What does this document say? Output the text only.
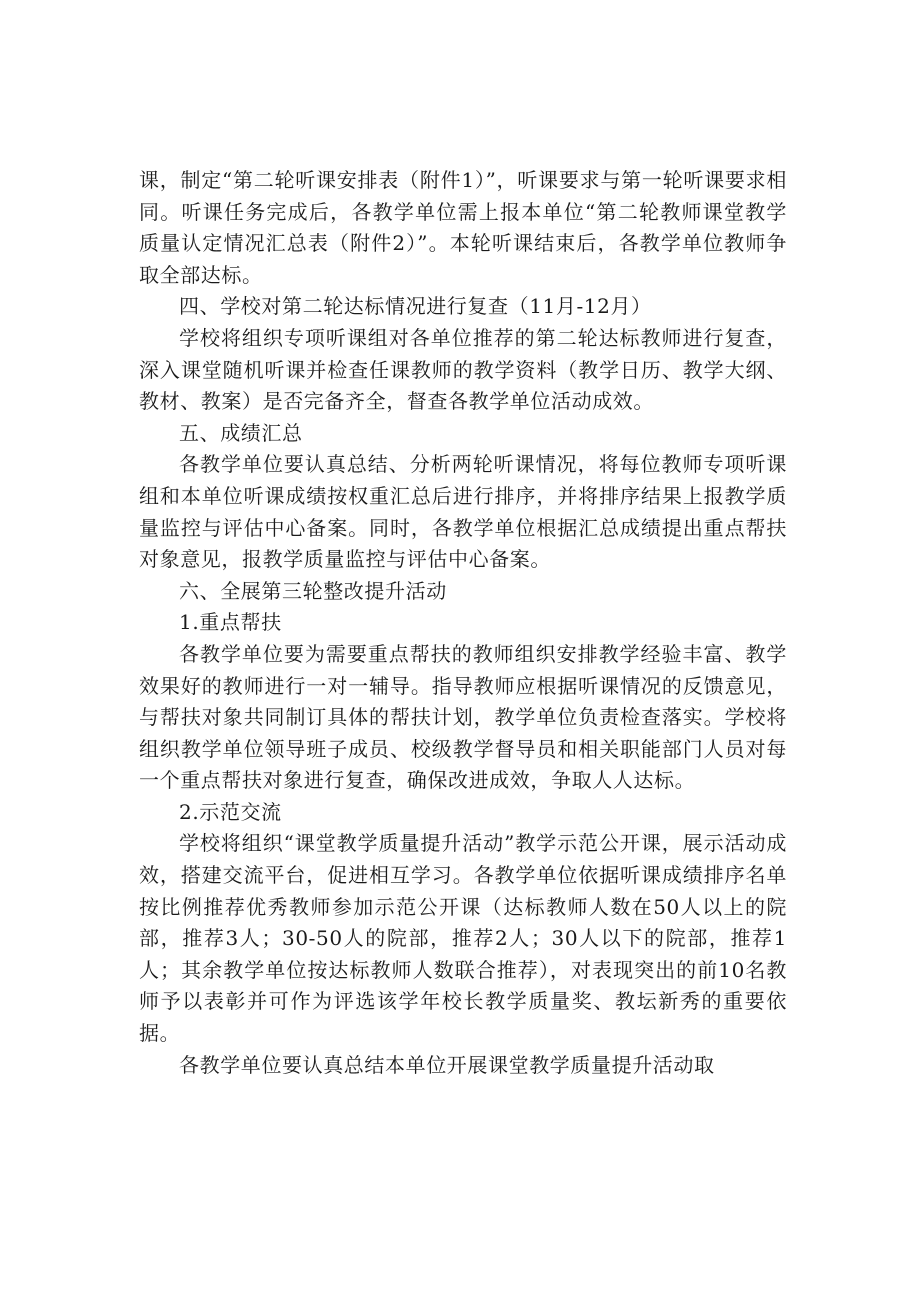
课，制定“第二轮听课安排表（附件1）”，听课要求与第一轮听课要求相同。听课任务完成后，各教学单位需上报本单位“第二轮教师课堂教学质量认定情况汇总表（附件2）”。本轮听课结束后，各教学单位教师争取全部达标。

四、学校对第二轮达标情况进行复查（11月-12月）

学校将组织专项听课组对各单位推荐的第二轮达标教师进行复查，深入课堂随机听课并检查任课教师的教学资料（教学日历、教学大纲、教材、教案）是否完备齐全，督查各教学单位活动成效。

五、成绩汇总

各教学单位要认真总结、分析两轮听课情况，将每位教师专项听课组和本单位听课成绩按权重汇总后进行排序，并将排序结果上报教学质量监控与评估中心备案。同时，各教学单位根据汇总成绩提出重点帮扶对象意见，报教学质量监控与评估中心备案。

六、全展第三轮整改提升活动

1.重点帮扶

各教学单位要为需要重点帮扶的教师组织安排教学经验丰富、教学效果好的教师进行一对一辅导。指导教师应根据听课情况的反馈意见，与帮扶对象共同制订具体的帮扶计划，教学单位负责检查落实。学校将组织教学单位领导班子成员、校级教学督导员和相关职能部门人员对每一个重点帮扶对象进行复查，确保改进成效，争取人人达标。

2.示范交流

学校将组织“课堂教学质量提升活动”教学示范公开课，展示活动成效，搭建交流平台，促进相互学习。各教学单位依据听课成绩排序名单按比例推荐优秀教师参加示范公开课（达标教师人数在50人以上的院部，推荐3人；30-50人的院部，推荐2人；30人以下的院部，推荐1人；其余教学单位按达标教师人数联合推荐），对表现突出的前10名教师予以表彰并可作为评选该学年校长教学质量奖、教坛新秀的重要依据。

各教学单位要认真总结本单位开展课堂教学质量提升活动取
